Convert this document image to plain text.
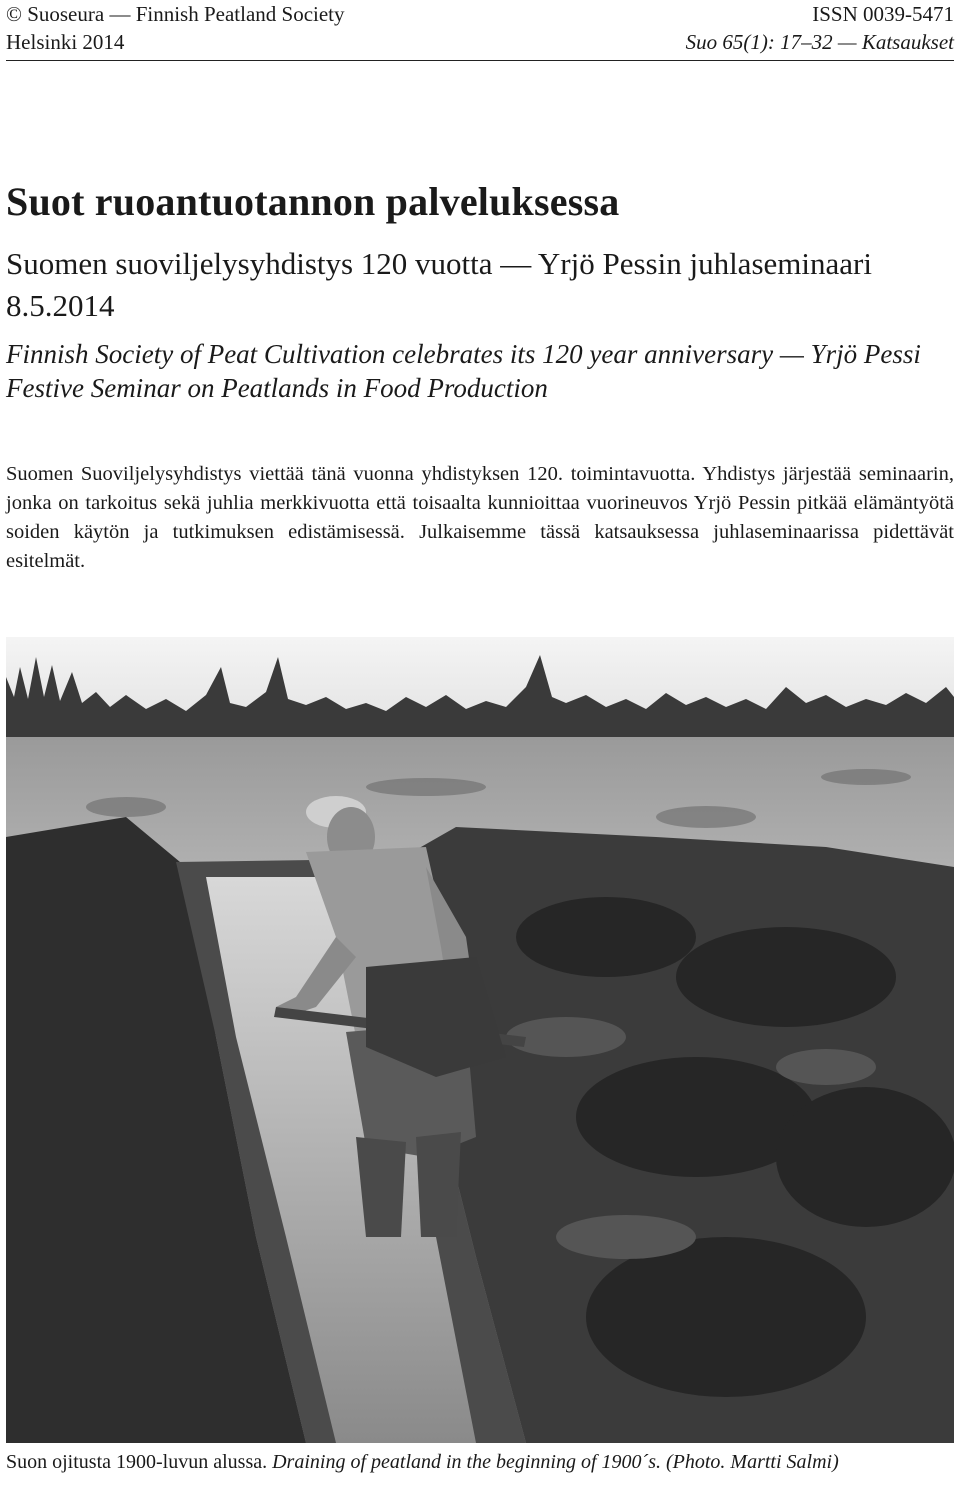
© Suoseura — Finnish Peatland Society
Helsinki 2014
ISSN 0039-5471
Suo 65(1): 17–32 — Katsaukset
Suot ruoantuotannon palveluksessa
Suomen suoviljelysyhdistys 120 vuotta — Yrjö Pessin juhlaseminaari 8.5.2014
Finnish Society of Peat Cultivation celebrates its 120 year anniversary — Yrjö Pessi Festive Seminar on Peatlands in Food Production
Suomen Suoviljelysyhdistys viettää tänä vuonna yhdistyksen 120. toimintavuotta. Yhdistys järjestää seminaarin, jonka on tarkoitus sekä juhlia merkkivuotta että toisaalta kunnioittaa vuorineuvos Yrjö Pessin pitkää elämäntyötä soiden käytön ja tutkimuksen edistämisessä. Julkaisemme tässä katsauksessa juhlaseminaarissa pidettävät esitelmät.
Suon ojitusta 1900-luvun alussa. Draining of peatland in the beginning of 1900´s. (Photo. Martti Salmi)
